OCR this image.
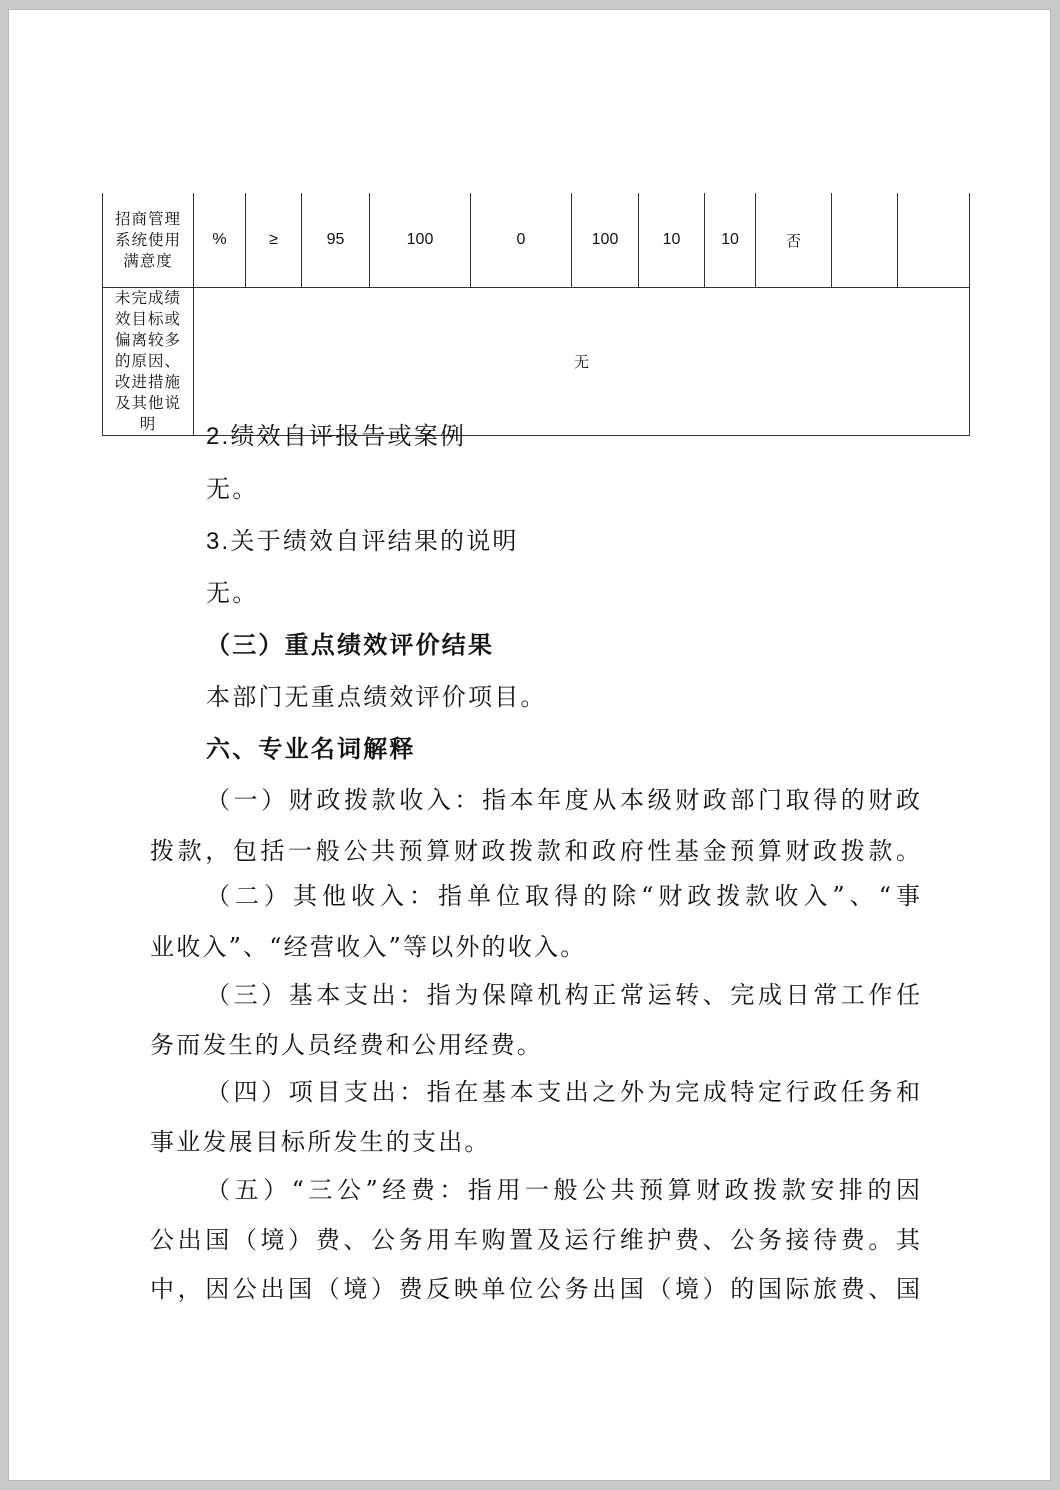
招商管理系统使用满意度	%	≥	95	100	0	100	10	10	否		
未完成绩效目标或偏离较多的原因、改进措施及其他说明	无										

2.绩效自评报告或案例

无。

3.关于绩效自评结果的说明

无。

（三）重点绩效评价结果

本部门无重点绩效评价项目。

六、专业名词解释

（一）财政拨款收入：指本年度从本级财政部门取得的财政

拨款，包括一般公共预算财政拨款和政府性基金预算财政拨款。

（二）其他收入：指单位取得的除“财政拨款收入”、“事

业收入”、“经营收入”等以外的收入。

（三）基本支出：指为保障机构正常运转、完成日常工作任

务而发生的人员经费和公用经费。

（四）项目支出：指在基本支出之外为完成特定行政任务和

事业发展目标所发生的支出。

（五）“三公”经费：指用一般公共预算财政拨款安排的因

公出国（境）费、公务用车购置及运行维护费、公务接待费。其

中，因公出国（境）费反映单位公务出国（境）的国际旅费、国
